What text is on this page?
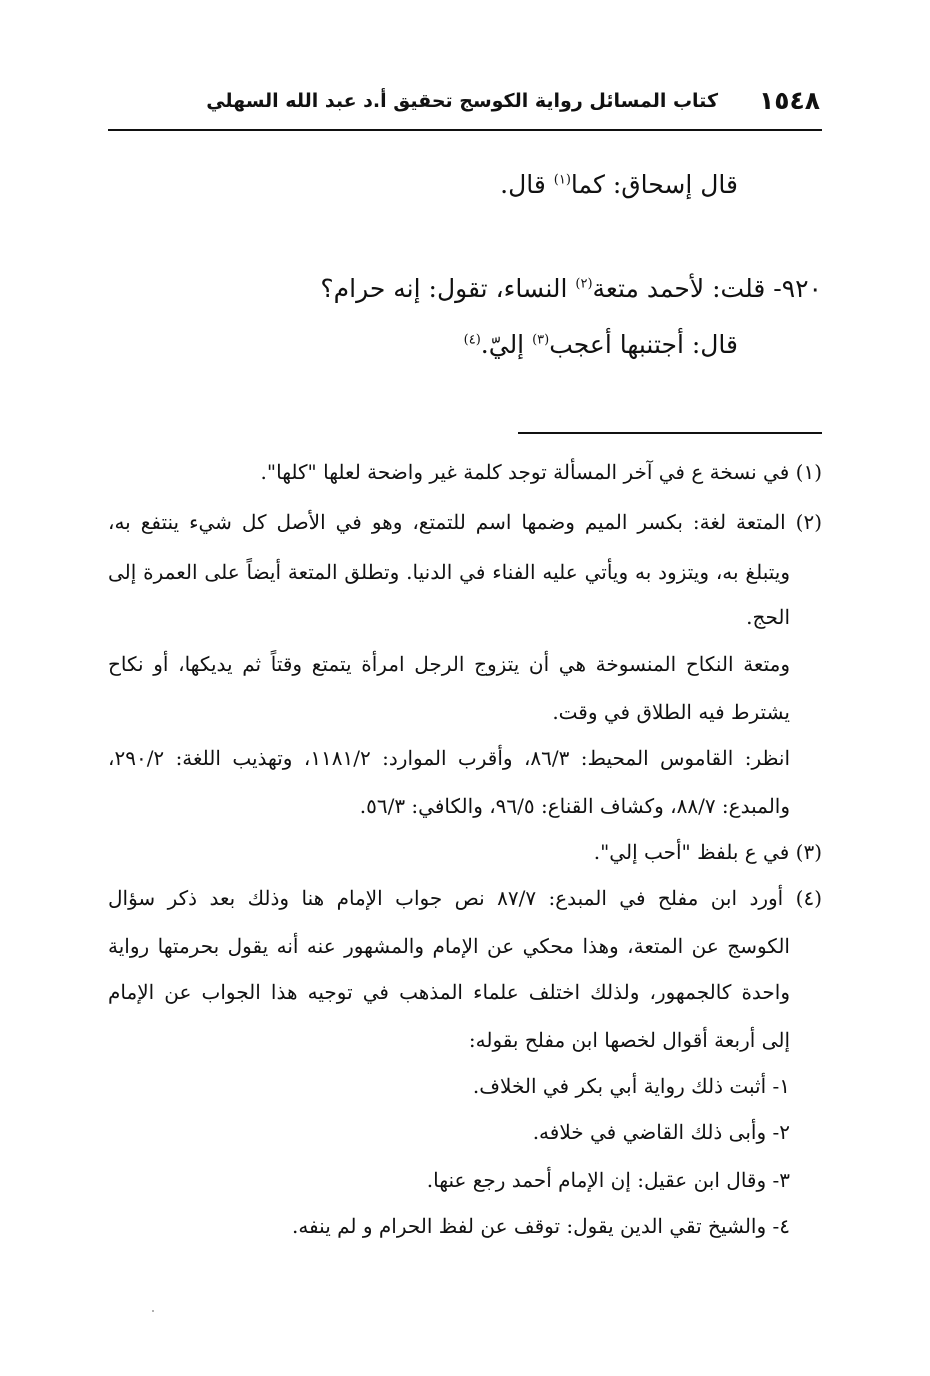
١٥٤٨
كتاب المسائل رواية الكوسج تحقيق أ.د عبد الله السهلي
قال إسحاق: كما$^{(١)}$ قال.
٩٢٠- قلت: لأحمد متعة$^{(٢)}$ النساء، تقول: إنه حرام؟
قال: أجتنبها أعجب$^{(٣)}$ إليّ.$^{(٤)}$
(١) في نسخة ع في آخر المسألة توجد كلمة غير واضحة لعلها "كلها".
(٢) المتعة لغة: بكسر الميم وضمها اسم للتمتع، وهو في الأصل كل شيء ينتفع به،
ويتبلغ به، ويتزود به ويأتي عليه الفناء في الدنيا. وتطلق المتعة أيضاً على العمرة إلى
الحج.
ومتعة النكاح المنسوخة هي أن يتزوج الرجل امرأة يتمتع وقتاً ثم يديكها، أو نكاح
يشترط فيه الطلاق في وقت.
انظر: القاموس المحيط: ٨٦/٣، وأقرب الموارد: ١١٨١/٢، وتهذيب اللغة: ٢٩٠/٢،
والمبدع: ٨٨/٧، وكشاف القناع: ٩٦/٥، والكافي: ٥٦/٣.
(٣) في ع بلفظ "أحب إلي".
(٤) أورد ابن مفلح في المبدع: ٨٧/٧ نص جواب الإمام هنا وذلك بعد ذكر سؤال
الكوسج عن المتعة، وهذا محكي عن الإمام والمشهور عنه أنه يقول بحرمتها رواية
واحدة كالجمهور، ولذلك اختلف علماء المذهب في توجيه هذا الجواب عن الإمام
إلى أربعة أقوال لخصها ابن مفلح بقوله:
١- أثبت ذلك رواية أبي بكر في الخلاف.
٢- وأبى ذلك القاضي في خلافه.
٣- وقال ابن عقيل: إن الإمام أحمد رجع عنها.
٤- والشيخ تقي الدين يقول: توقف عن لفظ الحرام و لم ينفه.
